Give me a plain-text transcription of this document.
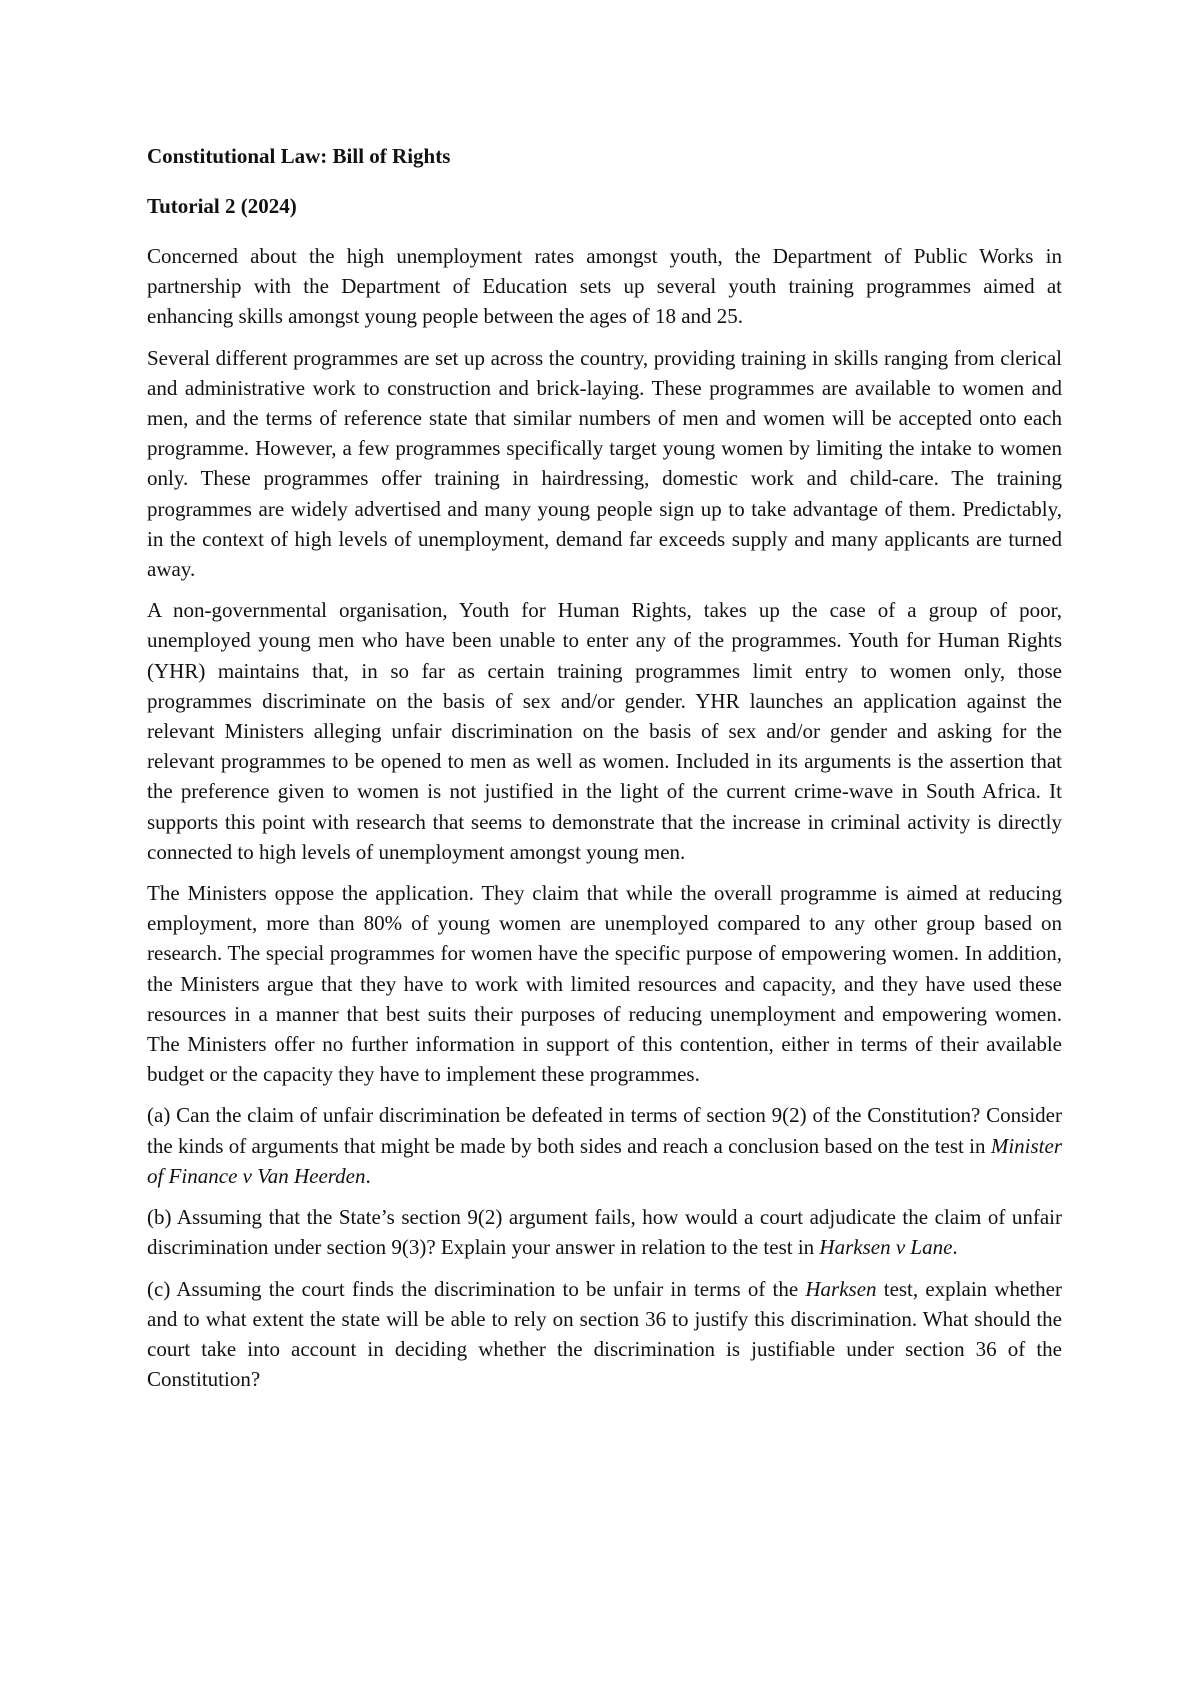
Constitutional Law: Bill of Rights

Tutorial 2 (2024)

Concerned about the high unemployment rates amongst youth, the Department of Public Works in partnership with the Department of Education sets up several youth training programmes aimed at enhancing skills amongst young people between the ages of 18 and 25.

Several different programmes are set up across the country, providing training in skills ranging from clerical and administrative work to construction and brick-laying. These programmes are available to women and men, and the terms of reference state that similar numbers of men and women will be accepted onto each programme. However, a few programmes specifically target young women by limiting the intake to women only. These programmes offer training in hairdressing, domestic work and child-care. The training programmes are widely advertised and many young people sign up to take advantage of them. Predictably, in the context of high levels of unemployment, demand far exceeds supply and many applicants are turned away.

A non-governmental organisation, Youth for Human Rights, takes up the case of a group of poor, unemployed young men who have been unable to enter any of the programmes. Youth for Human Rights (YHR) maintains that, in so far as certain training programmes limit entry to women only, those programmes discriminate on the basis of sex and/or gender. YHR launches an application against the relevant Ministers alleging unfair discrimination on the basis of sex and/or gender and asking for the relevant programmes to be opened to men as well as women. Included in its arguments is the assertion that the preference given to women is not justified in the light of the current crime-wave in South Africa. It supports this point with research that seems to demonstrate that the increase in criminal activity is directly connected to high levels of unemployment amongst young men.

The Ministers oppose the application. They claim that while the overall programme is aimed at reducing employment, more than 80% of young women are unemployed compared to any other group based on research. The special programmes for women have the specific purpose of empowering women. In addition, the Ministers argue that they have to work with limited resources and capacity, and they have used these resources in a manner that best suits their purposes of reducing unemployment and empowering women. The Ministers offer no further information in support of this contention, either in terms of their available budget or the capacity they have to implement these programmes.

(a) Can the claim of unfair discrimination be defeated in terms of section 9(2) of the Constitution? Consider the kinds of arguments that might be made by both sides and reach a conclusion based on the test in Minister of Finance v Van Heerden.

(b) Assuming that the State’s section 9(2) argument fails, how would a court adjudicate the claim of unfair discrimination under section 9(3)? Explain your answer in relation to the test in Harksen v Lane.

(c) Assuming the court finds the discrimination to be unfair in terms of the Harksen test, explain whether and to what extent the state will be able to rely on section 36 to justify this discrimination. What should the court take into account in deciding whether the discrimination is justifiable under section 36 of the Constitution?
